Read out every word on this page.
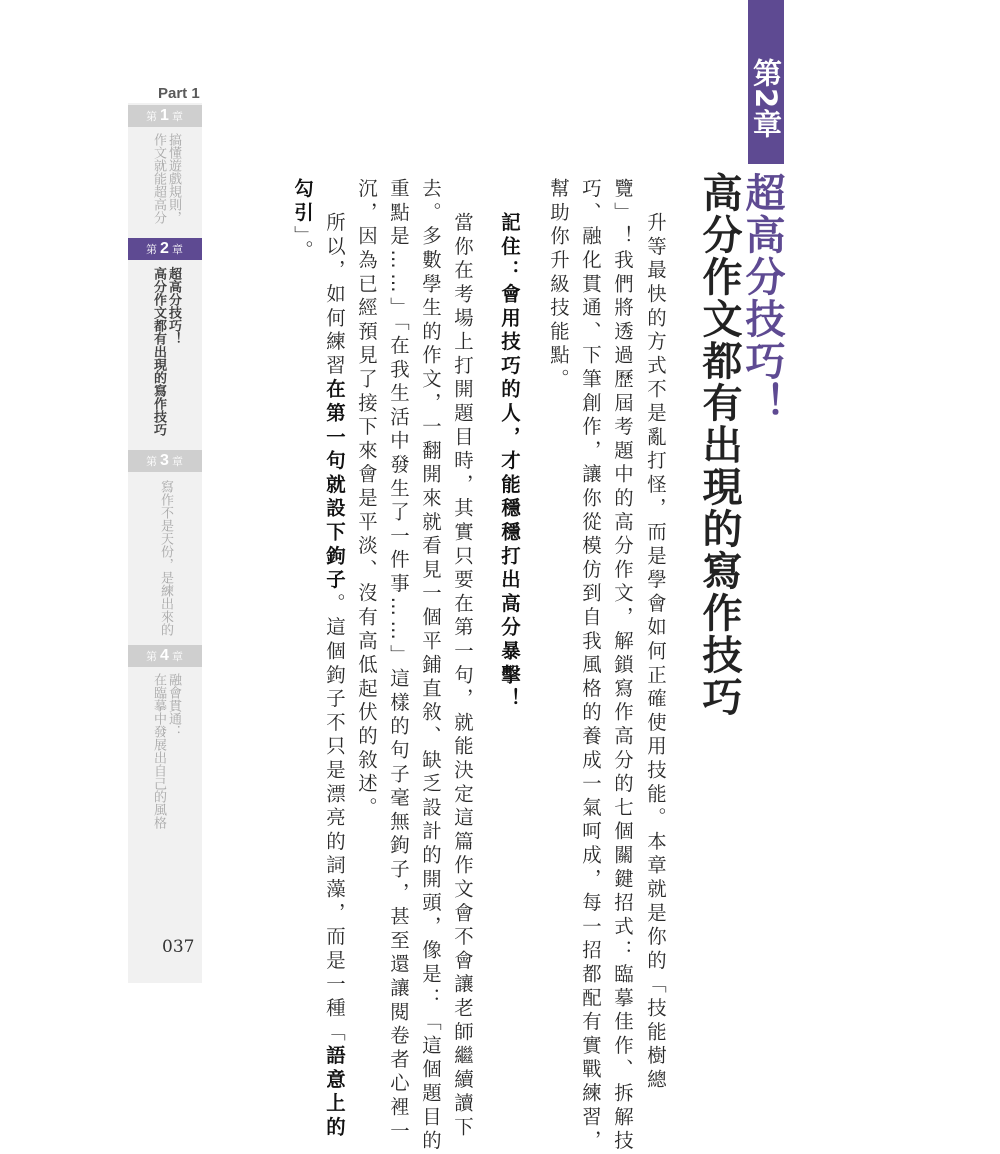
Part 1
第 1 章
搞懂遊戲規則，
作文就能超高分
第 2 章
超高分技巧！
高分作文都有出現的寫作技巧
第 3 章
寫作不是天份，是練出來的
第 4 章
融會貫通：
在臨摹中發展出自己的風格
037
第2章
超高分技巧！
高分作文都有出現的寫作技巧
升等最快的方式不是亂打怪，而是學會如何正確使用技能。本章就是你的「技能樹總
覽」！我們將透過歷屆考題中的高分作文，解鎖寫作高分的七個關鍵招式：臨摹佳作、拆解技
巧、融化貫通、下筆創作，讓你從模仿到自我風格的養成一氣呵成，每一招都配有實戰練習，
幫助你升級技能點。
記住：會用技巧的人，才能穩穩打出高分暴擊！
當你在考場上打開題目時，其實只要在第一句，就能決定這篇作文會不會讓老師繼續讀下
去。多數學生的作文，一翻開來就看見一個平鋪直敘、缺乏設計的開頭，像是：「這個題目的
重點是……」「在我生活中發生了一件事……」這樣的句子毫無鉤子，甚至還讓閱卷者心裡一
沉，因為已經預見了接下來會是平淡、沒有高低起伏的敘述。
所以，如何練習在第一句就設下鉤子。這個鉤子不只是漂亮的詞藻，而是一種「語意上的
勾引」。
